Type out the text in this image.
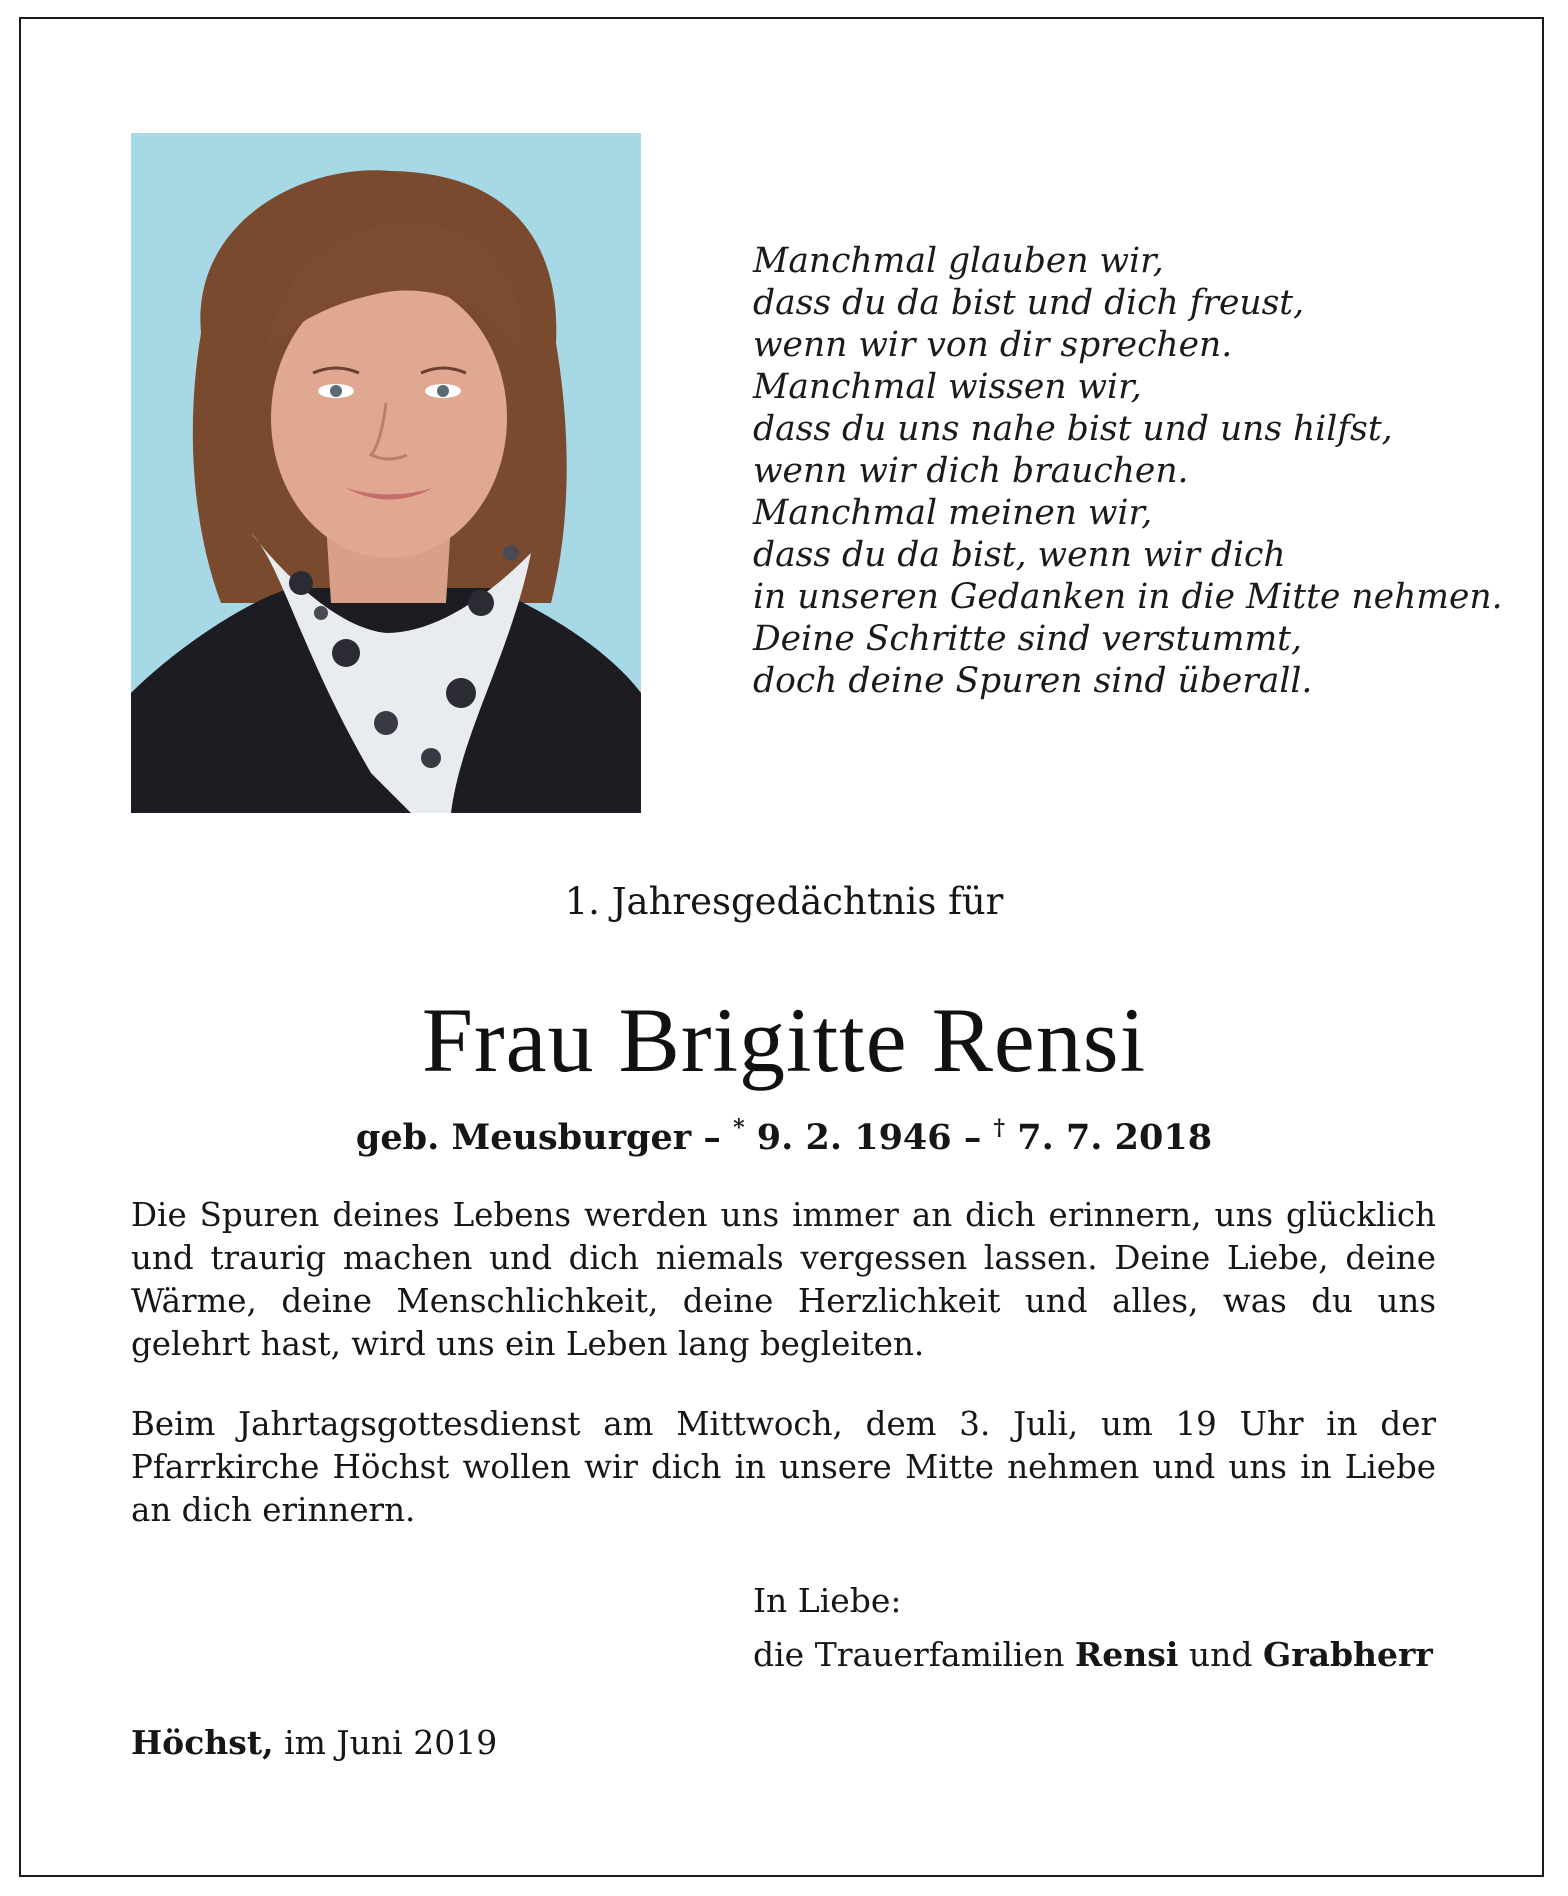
Manchmal glauben wir,
dass du da bist und dich freust,
wenn wir von dir sprechen.
Manchmal wissen wir,
dass du uns nahe bist und uns hilfst,
wenn wir dich brauchen.
Manchmal meinen wir,
dass du da bist, wenn wir dich
in unseren Gedanken in die Mitte nehmen.
Deine Schritte sind verstummt,
doch deine Spuren sind überall.
1. Jahresgedächtnis für
Frau Brigitte Rensi
geb. Meusburger – * 9. 2. 1946 – † 7. 7. 2018
Die Spuren deines Lebens werden uns immer an dich erinnern, uns glücklich und traurig machen und dich niemals vergessen lassen. Deine Liebe, deine Wärme, deine Menschlichkeit, deine Herzlichkeit und alles, was du uns gelehrt hast, wird uns ein Leben lang begleiten.
Beim Jahrtagsgottesdienst am Mittwoch, dem 3. Juli, um 19 Uhr in der Pfarrkirche Höchst wollen wir dich in unsere Mitte nehmen und uns in Liebe an dich erinnern.
In Liebe:
die Trauerfamilien Rensi und Grabherr
Höchst, im Juni 2019
